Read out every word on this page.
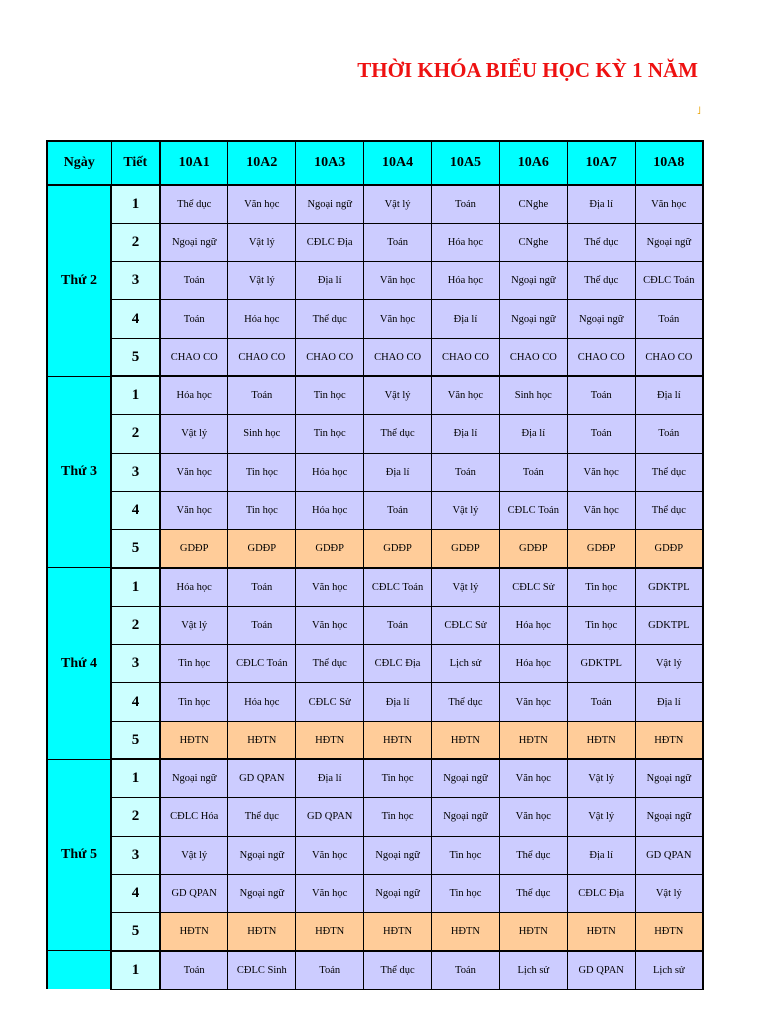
THỜI KHÓA BIỂU HỌC KỲ 1 NĂM
˩
Ngày	Tiết	10A1	10A2	10A3	10A4	10A5	10A6	10A7	10A8
Thứ 2	1	Thể dục	Văn học	Ngoại ngữ	Vật lý	Toán	CNghe	Địa lí	Văn học
	2	Ngoại ngữ	Vật lý	CĐLC Địa	Toán	Hóa học	CNghe	Thể dục	Ngoại ngữ
	3	Toán	Vật lý	Địa lí	Văn học	Hóa học	Ngoại ngữ	Thể dục	CĐLC Toán
	4	Toán	Hóa học	Thể dục	Văn học	Địa lí	Ngoại ngữ	Ngoại ngữ	Toán
	5	CHAO CO	CHAO CO	CHAO CO	CHAO CO	CHAO CO	CHAO CO	CHAO CO	CHAO CO
Thứ 3	1	Hóa học	Toán	Tin học	Vật lý	Văn học	Sinh học	Toán	Địa lí
	2	Vật lý	Sinh học	Tin học	Thể dục	Địa lí	Địa lí	Toán	Toán
	3	Văn học	Tin học	Hóa học	Địa lí	Toán	Toán	Văn học	Thể dục
	4	Văn học	Tin học	Hóa học	Toán	Vật lý	CĐLC Toán	Văn học	Thể dục
	5	GDĐP	GDĐP	GDĐP	GDĐP	GDĐP	GDĐP	GDĐP	GDĐP
Thứ 4	1	Hóa học	Toán	Văn học	CĐLC Toán	Vật lý	CĐLC Sử	Tin học	GDKTPL
	2	Vật lý	Toán	Văn học	Toán	CĐLC Sử	Hóa học	Tin học	GDKTPL
	3	Tin học	CĐLC Toán	Thể dục	CĐLC Địa	Lịch sử	Hóa học	GDKTPL	Vật lý
	4	Tin học	Hóa học	CĐLC Sử	Địa lí	Thể dục	Văn học	Toán	Địa lí
	5	HĐTN	HĐTN	HĐTN	HĐTN	HĐTN	HĐTN	HĐTN	HĐTN
Thứ 5	1	Ngoại ngữ	GD QPAN	Địa lí	Tin học	Ngoại ngữ	Văn học	Vật lý	Ngoại ngữ
	2	CĐLC Hóa	Thể dục	GD QPAN	Tin học	Ngoại ngữ	Văn học	Vật lý	Ngoại ngữ
	3	Vật lý	Ngoại ngữ	Văn học	Ngoại ngữ	Tin học	Thể dục	Địa lí	GD QPAN
	4	GD QPAN	Ngoại ngữ	Văn học	Ngoại ngữ	Tin học	Thể dục	CĐLC Địa	Vật lý
	5	HĐTN	HĐTN	HĐTN	HĐTN	HĐTN	HĐTN	HĐTN	HĐTN
	1	Toán	CĐLC Sinh	Toán	Thể dục	Toán	Lịch sử	GD QPAN	Lịch sử
